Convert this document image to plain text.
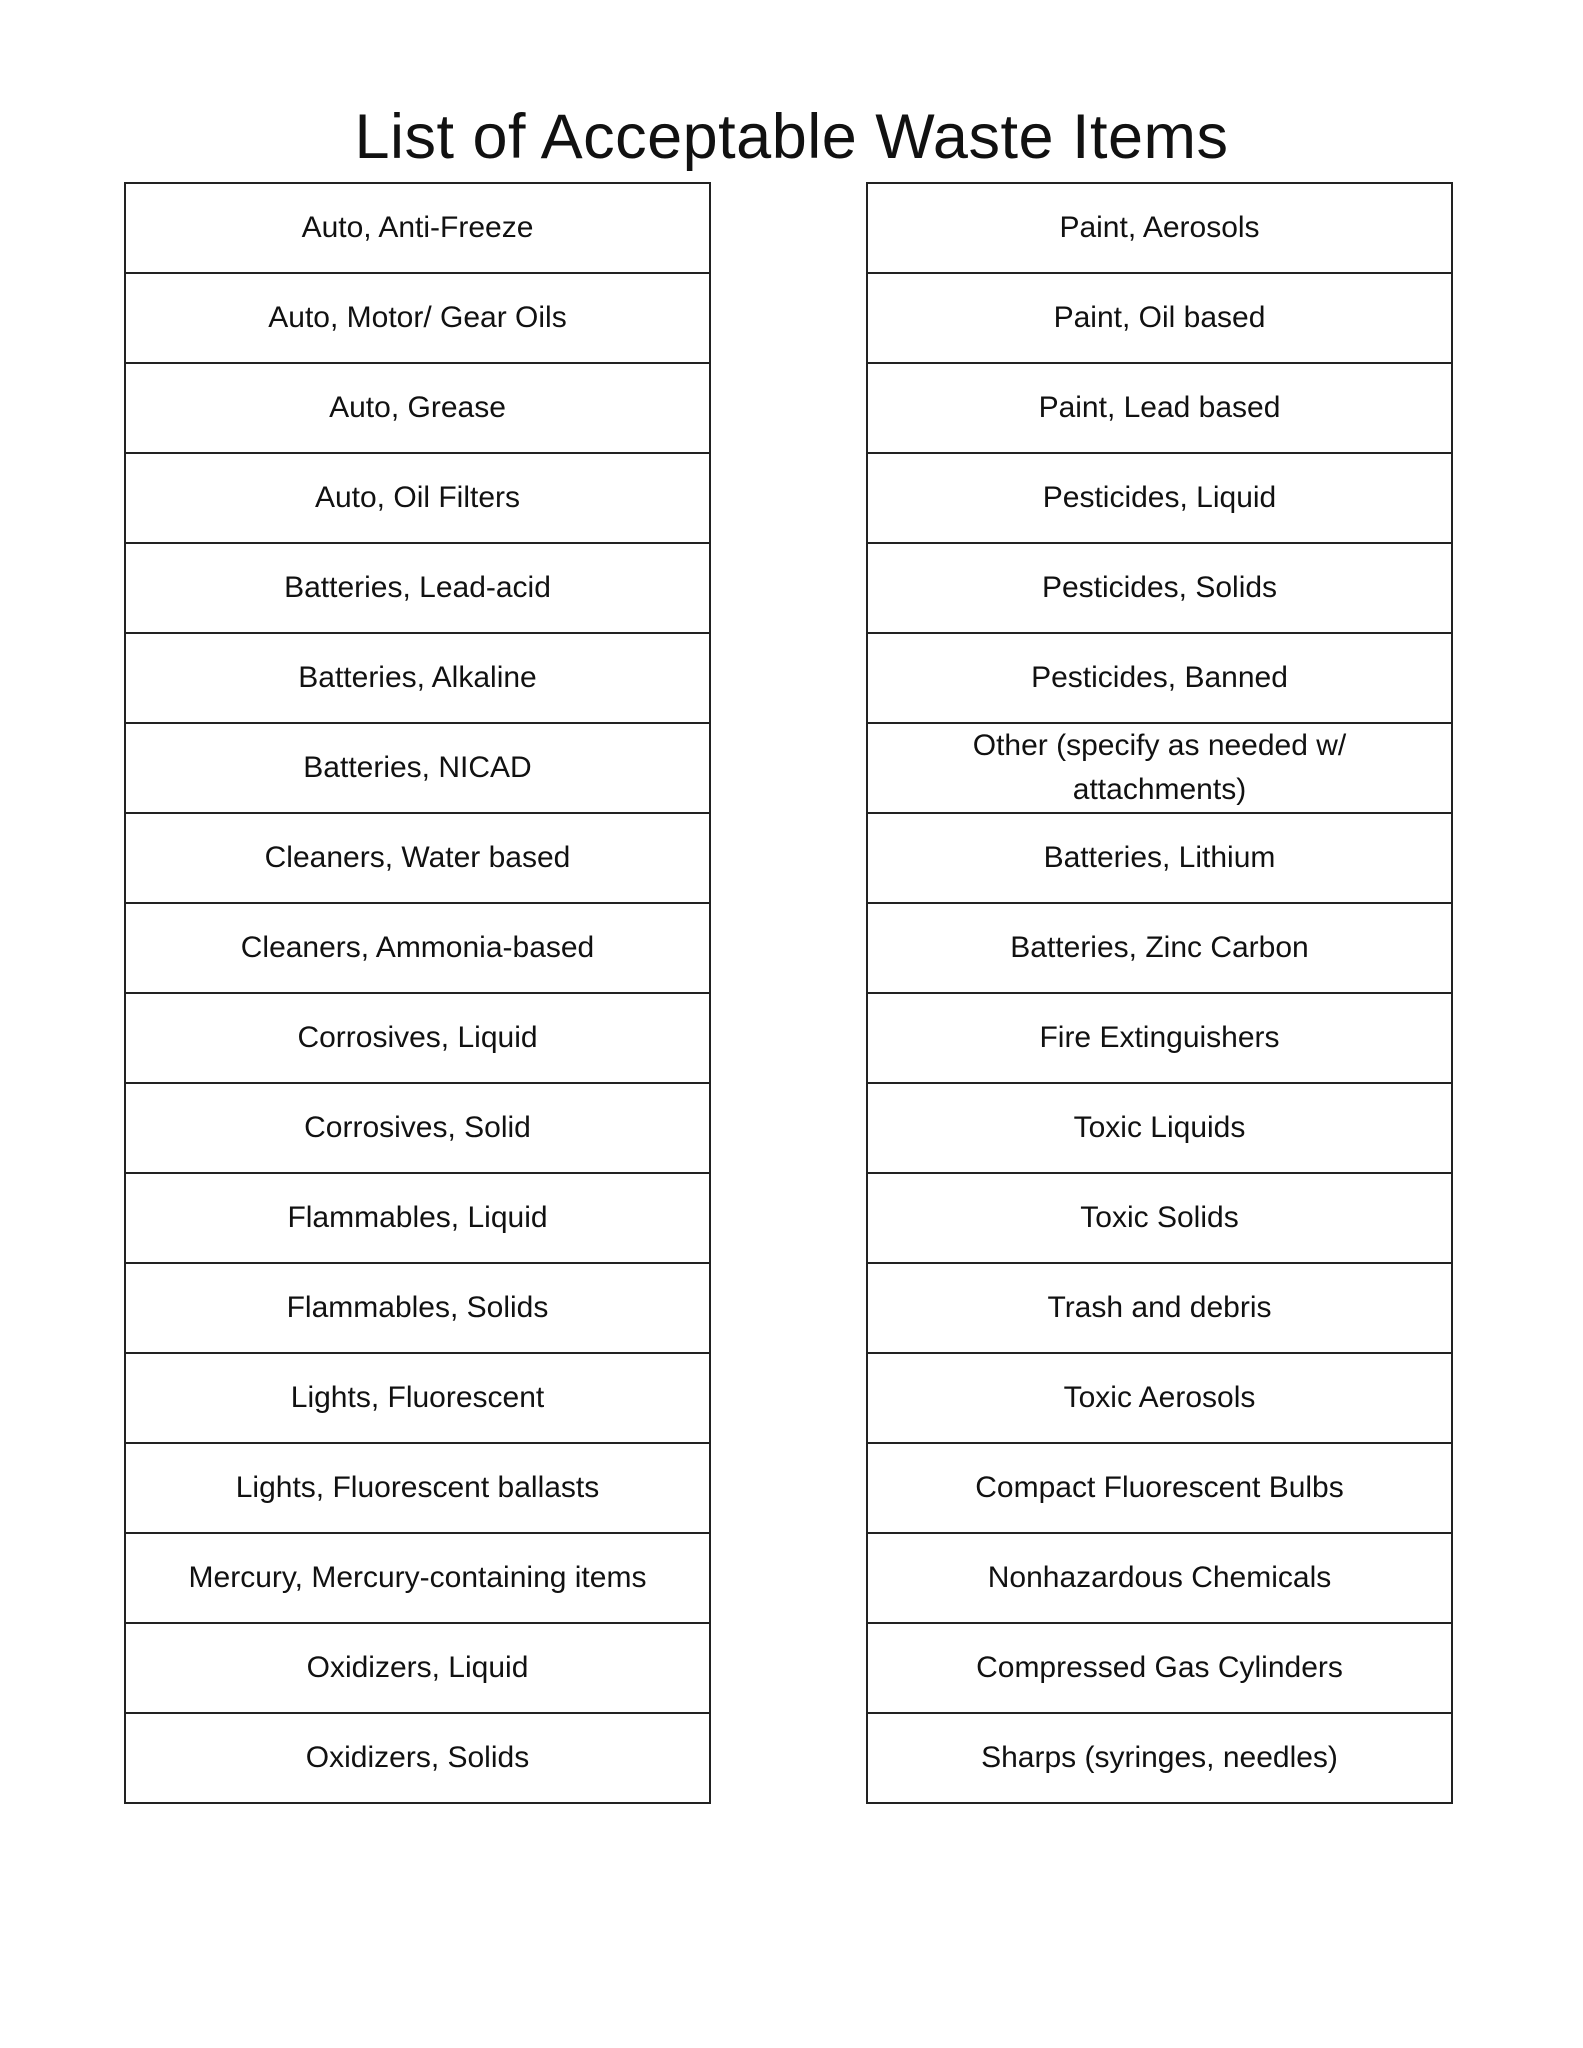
List of Acceptable Waste Items
Auto, Anti-Freeze
Auto, Motor/ Gear Oils
Auto, Grease
Auto, Oil Filters
Batteries, Lead-acid
Batteries, Alkaline
Batteries, NICAD
Cleaners, Water based
Cleaners, Ammonia-based
Corrosives, Liquid
Corrosives, Solid
Flammables, Liquid
Flammables, Solids
Lights, Fluorescent
Lights, Fluorescent ballasts
Mercury, Mercury-containing items
Oxidizers, Liquid
Oxidizers, Solids
Paint, Aerosols
Paint, Oil based
Paint, Lead based
Pesticides, Liquid
Pesticides, Solids
Pesticides, Banned
Other (specify as needed w/ attachments)
Batteries, Lithium
Batteries, Zinc Carbon
Fire Extinguishers
Toxic Liquids
Toxic Solids
Trash and debris
Toxic Aerosols
Compact Fluorescent Bulbs
Nonhazardous Chemicals
Compressed Gas Cylinders
Sharps (syringes, needles)
